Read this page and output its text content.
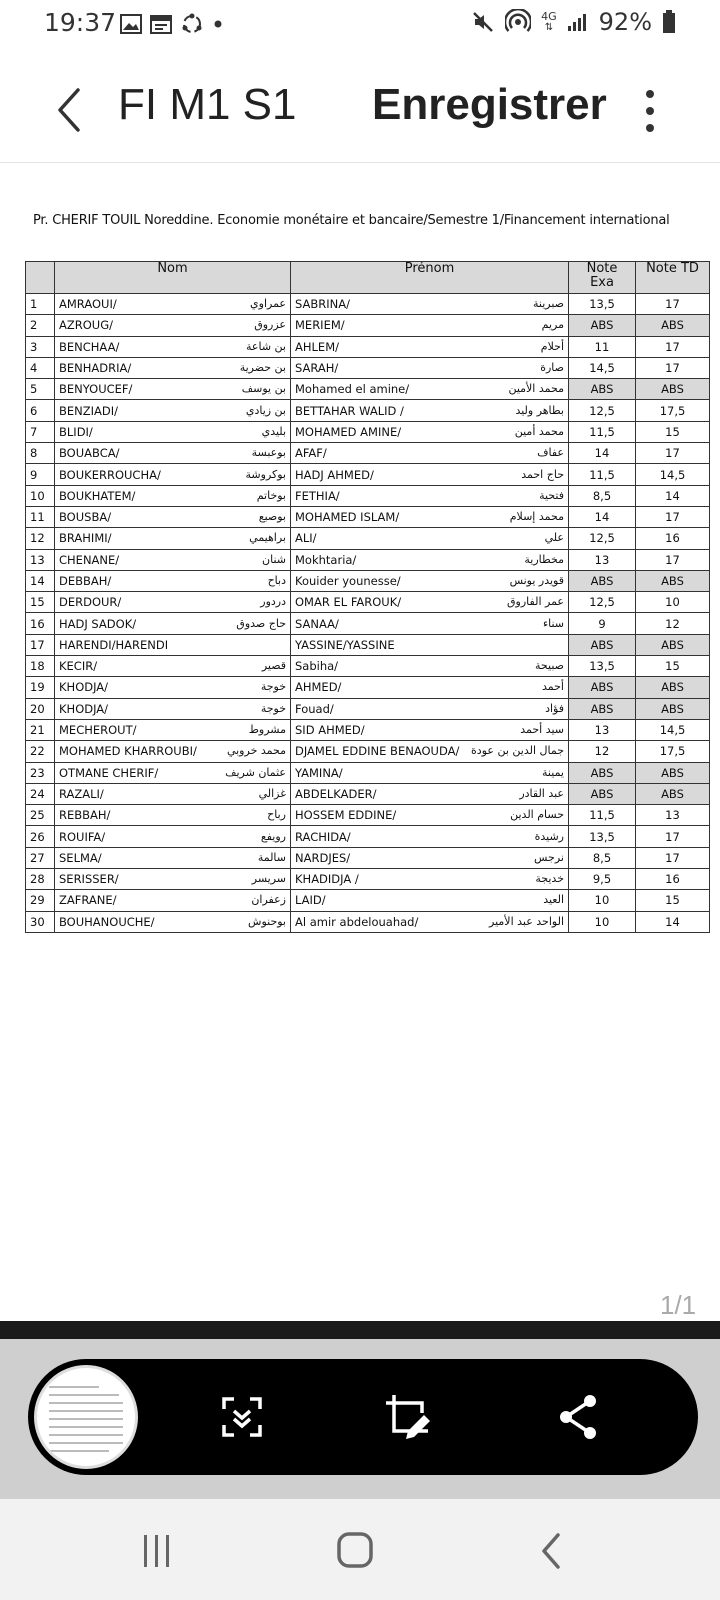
19:37	4G
⇅ 92%
FI M1 S1 Enregistrer
Pr. CHERIF TOUIL Noreddine. Economie monétaire et bancaire/Semestre 1/Financement international
	Nom	Prénom	Note Exa	Note TD
1	AMRAOUI/ عمراوي	SABRINA/ صبرينة	13,5	17
2	AZROUG/ عزروق	MERIEM/ مريم	ABS	ABS
3	BENCHAA/ بن شاعة	AHLEM/ أحلام	11	17
4	BENHADRIA/ بن حضرية	SARAH/ صارة	14,5	17
5	BENYOUCEF/ بن يوسف	Mohamed el amine/ محمد الأمين	ABS	ABS
6	BENZIADI/ بن زيادي	BETTAHAR WALID / بطاهر وليد	12,5	17,5
7	BLIDI/ بليدي	MOHAMED AMINE/ محمد أمين	11,5	15
8	BOUABCA/ بوعبسة	AFAF/ عفاف	14	17
9	BOUKERROUCHA/ بوكروشة	HADJ AHMED/ حاج احمد	11,5	14,5
10	BOUKHATEM/ بوخاتم	FETHIA/ فتحية	8,5	14
11	BOUSBA/ بوصبع	MOHAMED ISLAM/ محمد إسلام	14	17
12	BRAHIMI/ براهيمي	ALI/ علي	12,5	16
13	CHENANE/ شنان	Mokhtaria/ مخطارية	13	17
14	DEBBAH/ دباح	Kouider younesse/ قويدر يونس	ABS	ABS
15	DERDOUR/ دردور	OMAR EL FAROUK/ عمر الفاروق	12,5	10
16	HADJ SADOK/ حاج صدوق	SANAA/ سناء	9	12
17	HARENDI/HARENDI	YASSINE/YASSINE	ABS	ABS
18	KECIR/ قصير	Sabiha/ صبيحة	13,5	15
19	KHODJA/ خوجة	AHMED/ أحمد	ABS	ABS
20	KHODJA/ خوجة	Fouad/ فؤاد	ABS	ABS
21	MECHEROUT/ مشروط	SID AHMED/ سيد أحمد	13	14,5
22	MOHAMED KHARROUBI/ محمد خروبي	DJAMEL EDDINE BENAOUDA/ جمال الدين بن عودة	12	17,5
23	OTMANE CHERIF/ عثمان شريف	YAMINA/ يمينة	ABS	ABS
24	RAZALI/ غزالي	ABDELKADER/ عبد القادر	ABS	ABS
25	REBBAH/ رباح	HOSSEM EDDINE/ حسام الدين	11,5	13
26	ROUIFA/ رويفع	RACHIDA/ رشيدة	13,5	17
27	SELMA/ سالمة	NARDJES/ نرجس	8,5	17
28	SERISSER/ سريسر	KHADIDJA / خديجة	9,5	16
29	ZAFRANE/ زعفران	LAID/ العيد	10	15
30	BOUHANOUCHE/ بوحنوش	Al amir abdelouahad/ الواحد عبد الأمير	10	14
1/1
